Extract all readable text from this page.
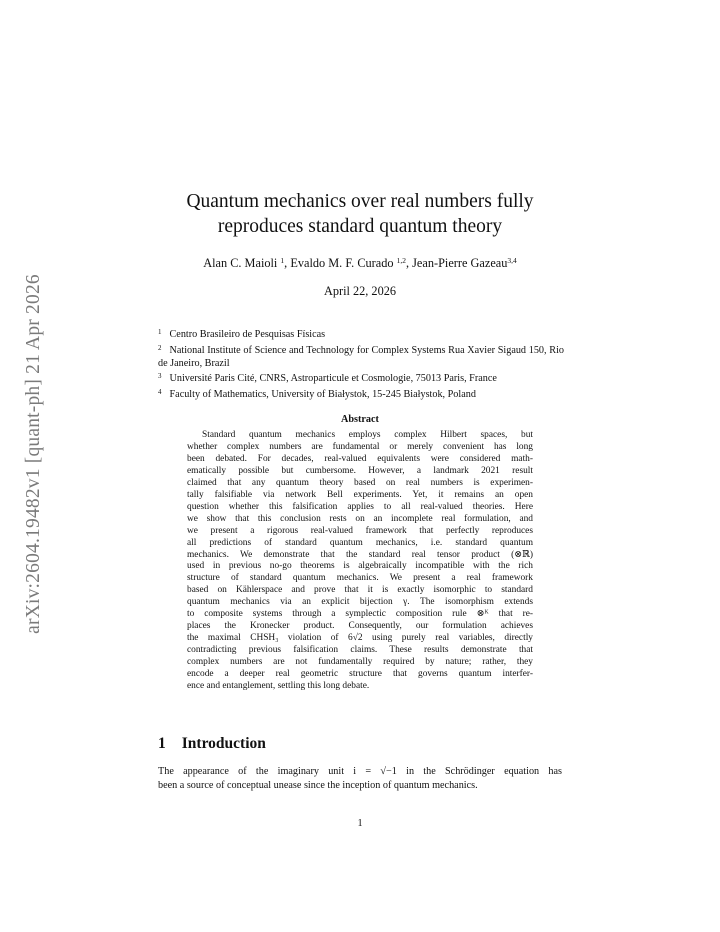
arXiv:2604.19482v1 [quant-ph] 21 Apr 2026
Quantum mechanics over real numbers fully
reproduces standard quantum theory
Alan C. Maioli $^1$, Evaldo M. F. Curado $^{1,2}$, Jean-Pierre Gazeau$^{3,4}$
April 22, 2026
$^1$ Centro Brasileiro de Pesquisas Físicas
$^2$ National Institute of Science and Technology for Complex Systems Rua Xavier Sigaud 150, Rio de Janeiro, Brazil
$^3$ Université Paris Cité, CNRS, Astroparticule et Cosmologie, 75013 Paris, France
$^4$ Faculty of Mathematics, University of Białystok, 15-245 Białystok, Poland
Abstract
Standard quantum mechanics employs complex Hilbert spaces, but
whether complex numbers are fundamental or merely convenient has long
been debated. For decades, real-valued equivalents were considered math-
ematically possible but cumbersome. However, a landmark 2021 result
claimed that any quantum theory based on real numbers is experimen-
tally falsifiable via network Bell experiments. Yet, it remains an open
question whether this falsification applies to all real-valued theories. Here
we show that this conclusion rests on an incomplete real formulation, and
we present a rigorous real-valued framework that perfectly reproduces
all predictions of standard quantum mechanics, i.e. standard quantum
mechanics. We demonstrate that the standard real tensor product (⊗ℝ)
used in previous no-go theorems is algebraically incompatible with the rich
structure of standard quantum mechanics. We present a real framework
based on Kählerspace and prove that it is exactly isomorphic to standard
quantum mechanics via an explicit bijection γ. The isomorphism extends
to composite systems through a symplectic composition rule ⊗ᴷ that re-
places the Kronecker product. Consequently, our formulation achieves
the maximal CHSH₃ violation of 6√2 using purely real variables, directly
contradicting previous falsification claims. These results demonstrate that
complex numbers are not fundamentally required by nature; rather, they
encode a deeper real geometric structure that governs quantum interfer-
ence and entanglement, settling this long debate.
1 Introduction
The appearance of the imaginary unit i = √−1 in the Schrödinger equation has
been a source of conceptual unease since the inception of quantum mechanics.
1
